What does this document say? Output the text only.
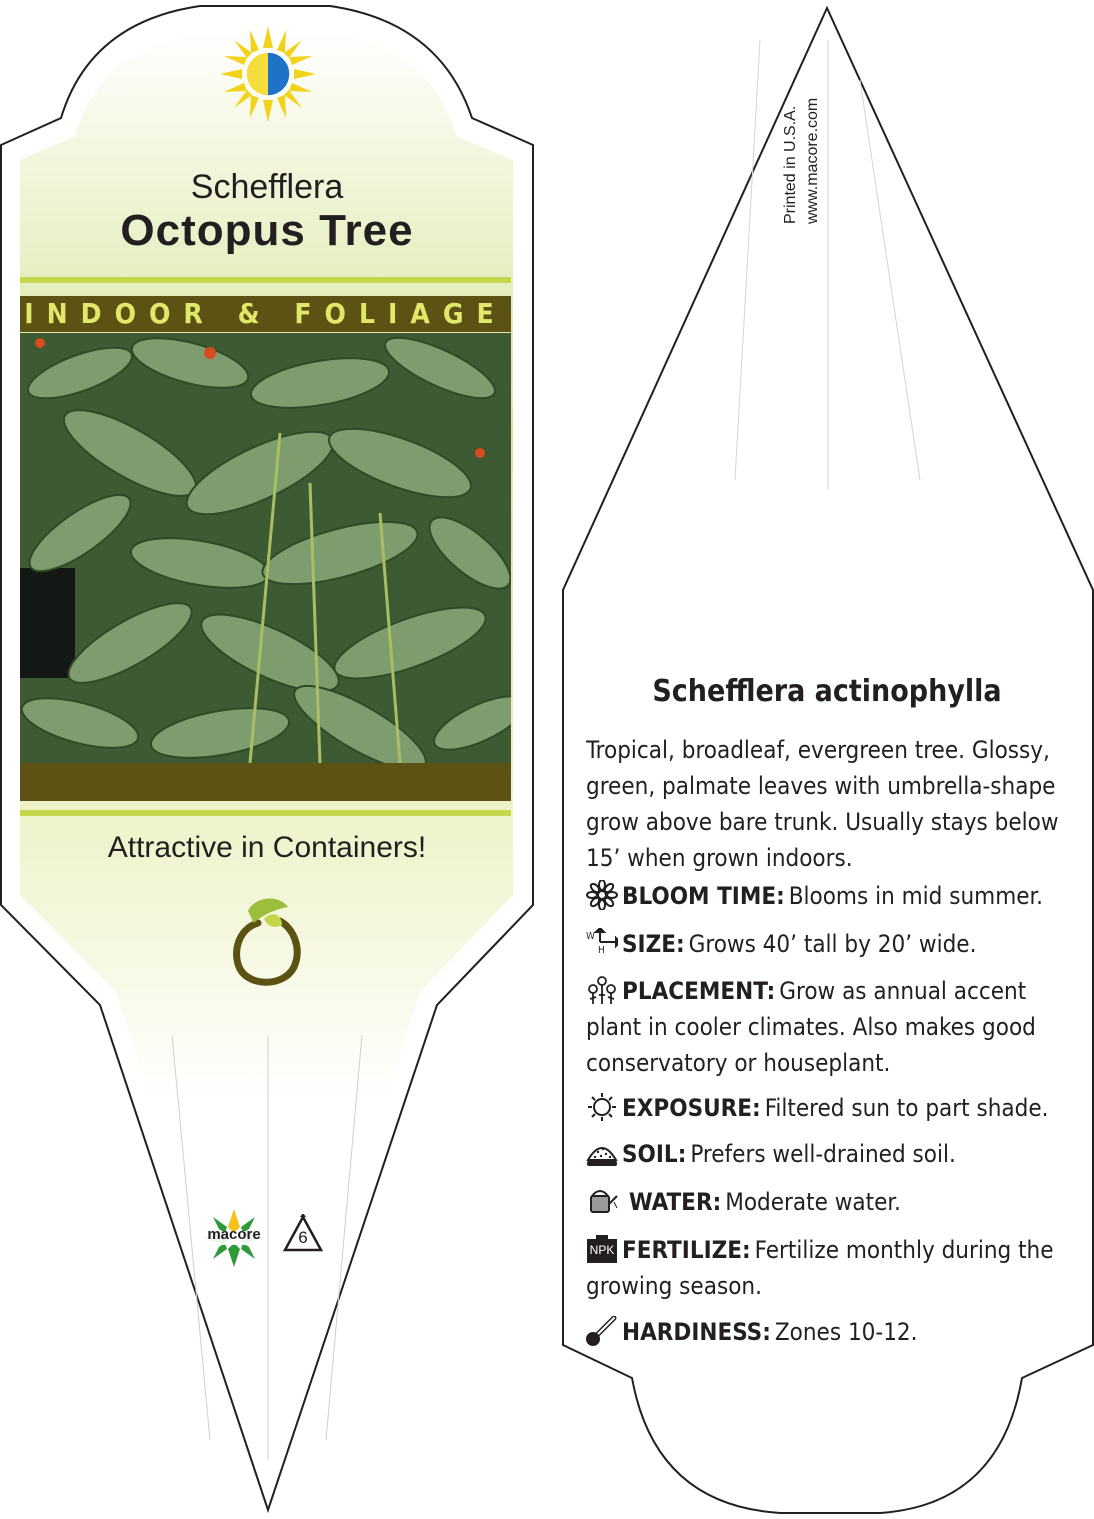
Schefflera
Octopus Tree
INDOOR & FOLIAGE
Attractive in Containers!
macore	6
Printed in U.S.A. www.macore.com
Schefflera actinophylla
Tropical, broadleaf, evergreen tree. Glossy, green, palmate leaves with umbrella-shape grow above bare trunk. Usually stays below 15’ when grown indoors.
BLOOM TIME: Blooms in mid summer.
W
H SIZE: Grows 40’ tall by 20’ wide.
PLACEMENT: Grow as annual accent plant in cooler climates. Also makes good conservatory or houseplant.
EXPOSURE: Filtered sun to part shade.
SOIL: Prefers well-drained soil.
WATER: Moderate water.
NPK FERTILIZE: Fertilize monthly during the growing season.
HARDINESS: Zones 10-12.
